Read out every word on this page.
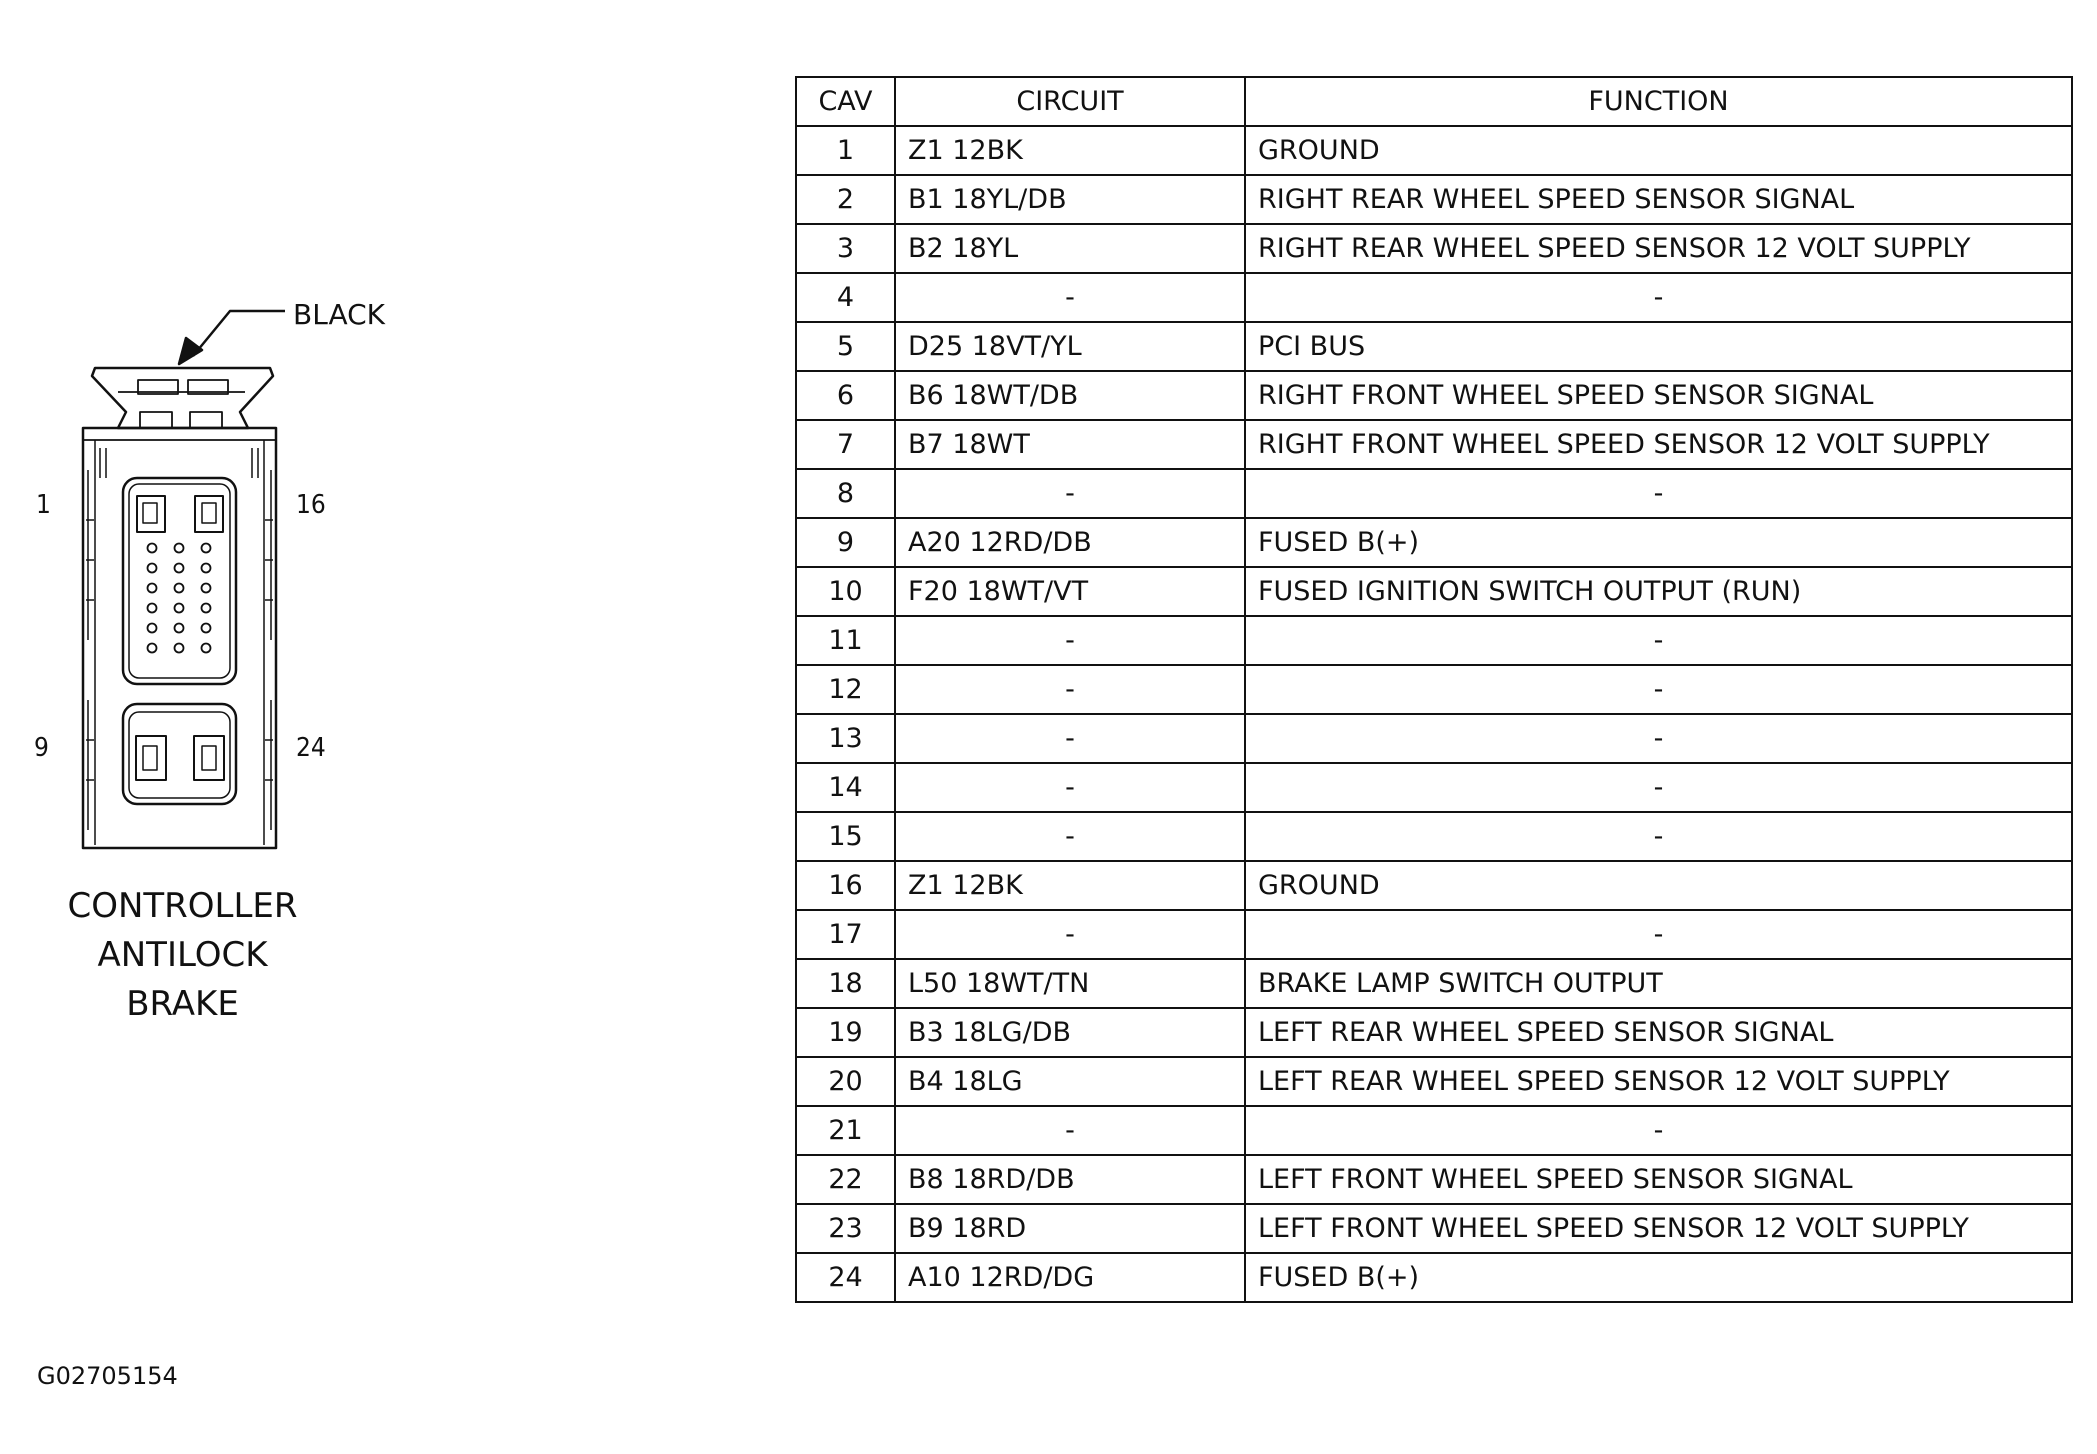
BLACK
1	16
9	24
CONTROLLER
ANTILOCK
BRAKE
G02705154
CAV	CIRCUIT	FUNCTION
1	Z1 12BK	GROUND
2	B1 18YL/DB	RIGHT REAR WHEEL SPEED SENSOR SIGNAL
3	B2 18YL	RIGHT REAR WHEEL SPEED SENSOR 12 VOLT SUPPLY
4	-	-
5	D25 18VT/YL	PCI BUS
6	B6 18WT/DB	RIGHT FRONT WHEEL SPEED SENSOR SIGNAL
7	B7 18WT	RIGHT FRONT WHEEL SPEED SENSOR 12 VOLT SUPPLY
8	-	-
9	A20 12RD/DB	FUSED B(+)
10	F20 18WT/VT	FUSED IGNITION SWITCH OUTPUT (RUN)
11	-	-
12	-	-
13	-	-
14	-	-
15	-	-
16	Z1 12BK	GROUND
17	-	-
18	L50 18WT/TN	BRAKE LAMP SWITCH OUTPUT
19	B3 18LG/DB	LEFT REAR WHEEL SPEED SENSOR SIGNAL
20	B4 18LG	LEFT REAR WHEEL SPEED SENSOR 12 VOLT SUPPLY
21	-	-
22	B8 18RD/DB	LEFT FRONT WHEEL SPEED SENSOR SIGNAL
23	B9 18RD	LEFT FRONT WHEEL SPEED SENSOR 12 VOLT SUPPLY
24	A10 12RD/DG	FUSED B(+)
